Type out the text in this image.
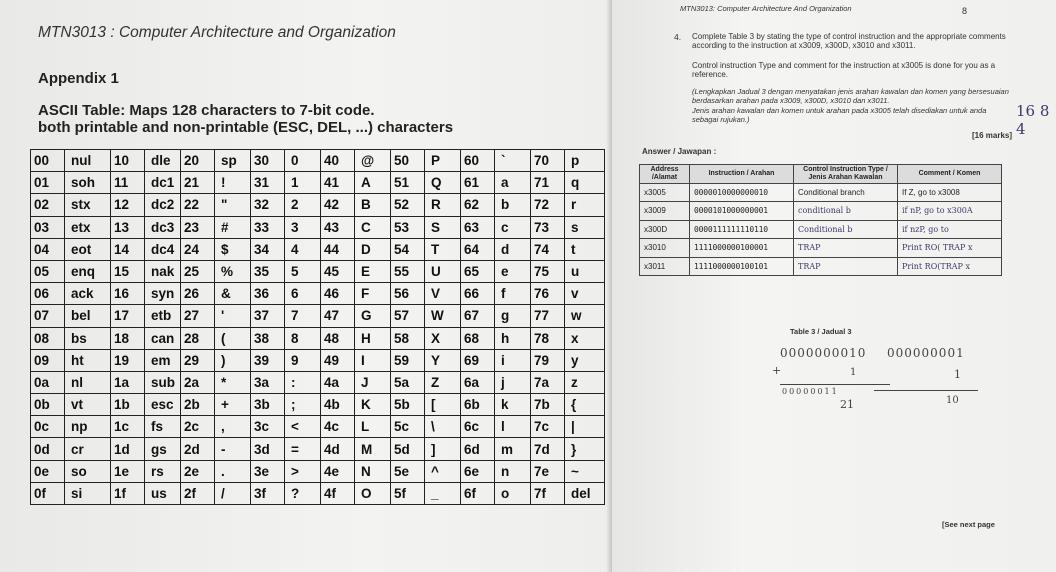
MTN3013 : Computer Architecture and Organization
Appendix 1
ASCII Table: Maps 128 characters to 7-bit code.
both printable and non-printable (ESC, DEL, ...) characters
00	nul	10	dle	20	sp	30	0	40	@	50	P	60	`	70	p
01	soh	11	dc1	21	!	31	1	41	A	51	Q	61	a	71	q
02	stx	12	dc2	22	"	32	2	42	B	52	R	62	b	72	r
03	etx	13	dc3	23	#	33	3	43	C	53	S	63	c	73	s
04	eot	14	dc4	24	$	34	4	44	D	54	T	64	d	74	t
05	enq	15	nak	25	%	35	5	45	E	55	U	65	e	75	u
06	ack	16	syn	26	&	36	6	46	F	56	V	66	f	76	v
07	bel	17	etb	27	'	37	7	47	G	57	W	67	g	77	w
08	bs	18	can	28	(	38	8	48	H	58	X	68	h	78	x
09	ht	19	em	29	)	39	9	49	I	59	Y	69	i	79	y
0a	nl	1a	sub	2a	*	3a	:	4a	J	5a	Z	6a	j	7a	z
0b	vt	1b	esc	2b	+	3b	;	4b	K	5b	[	6b	k	7b	{
0c	np	1c	fs	2c	,	3c	<	4c	L	5c	\	6c	l	7c	|
0d	cr	1d	gs	2d	-	3d	=	4d	M	5d	]	6d	m	7d	}
0e	so	1e	rs	2e	.	3e	>	4e	N	5e	^	6e	n	7e	~
0f	si	1f	us	2f	/	3f	?	4f	O	5f	_	6f	o	7f	del
MTN3013: Computer Architecture And Organization	8
4. Complete Table 3 by stating the type of control instruction and the appropriate comments according to the instruction at x3009, x300D, x3010 and x3011.
Control instruction Type and comment for the instruction at x3005 is done for you as a reference.
(Lengkapkan Jadual 3 dengan menyatakan jenis arahan kawalan dan komen yang bersesuaian berdasarkan arahan pada x3009, x300D, x3010 dan x3011.
Jenis arahan kawalan dan komen untuk arahan pada x3005 telah disediakan untuk anda sebagai rujukan.)	16 8 4
[16 marks]
Answer / Jawapan :
Address /Alamat	Instruction / Arahan	Control Instruction Type / Jenis Arahan Kawalan	Comment / Komen
x3005	0000010000000010	Conditional branch	If Z, go to x3008
x3009	0000101000000001	conditional b	if nP, go to x300A
x300D	0000111111110110	Conditional b	if nzP, go to
x3010	1111000000100001	TRAP	Print RO( TRAP x
x3011	1111000000100101	TRAP	Print RO(TRAP x
Table 3 / Jadual 3
0000000010 000000001
+	1	1
00000011
21	10
[See next page
